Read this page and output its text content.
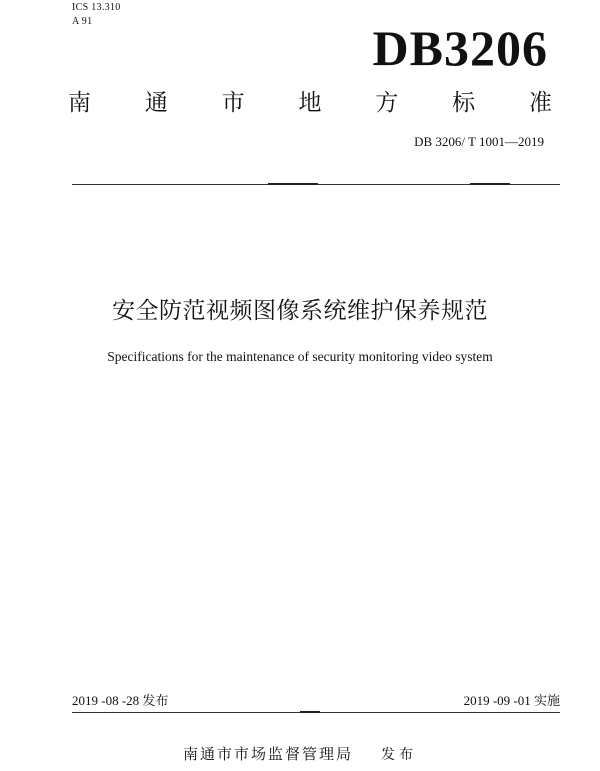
ICS 13.310
A 91	DB3206
南 通 市 地 方 标 准
DB 3206/ T 1001—2019
安全防范视频图像系统维护保养规范
Specifications for the maintenance of security monitoring video system
2019 -08 -28 发布	2019 -09 -01 实施
南通市市场监督管理局 发布
